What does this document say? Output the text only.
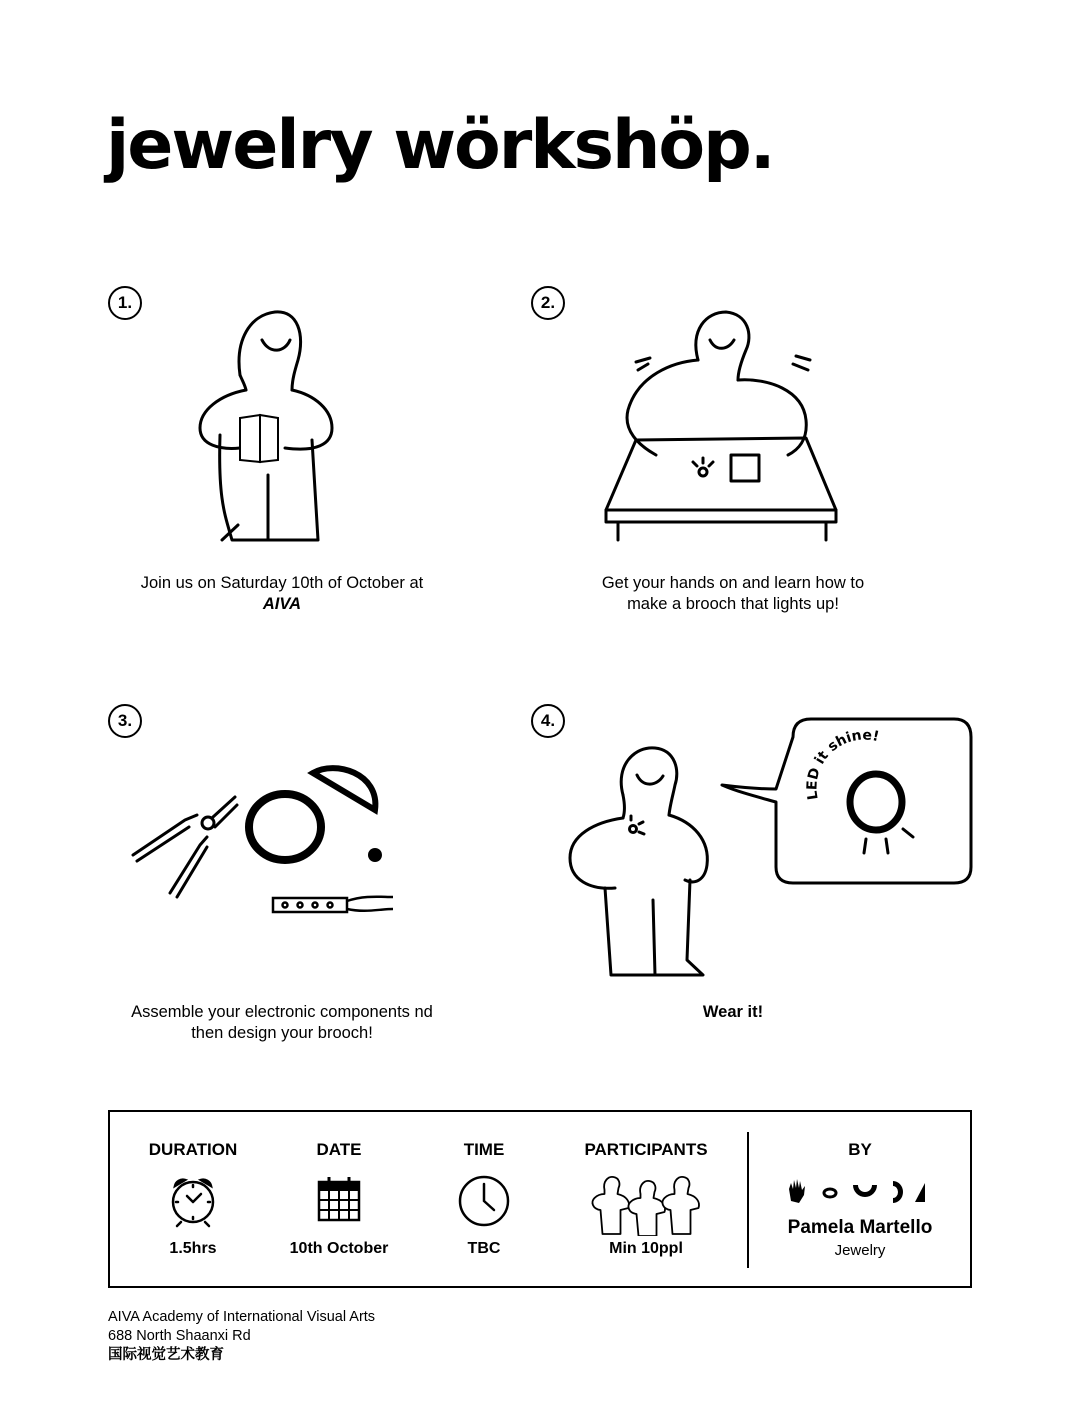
jewelry wörkshöp.
1.
Join us on Saturday 10th of October at
AIVA
2.
Get your hands on and learn how to
make a brooch that lights up!
3.
Assemble your electronic components nd
then design your brooch!
4.
LED it shine!
Wear it!
DURATION
1.5hrs
DATE
10th October
TIME
TBC
PARTICIPANTS
Min 10ppl
BY
Pamela Martello
Jewelry
AIVA Academy of International Visual Arts
688 North Shaanxi Rd
国际视觉艺术教育
